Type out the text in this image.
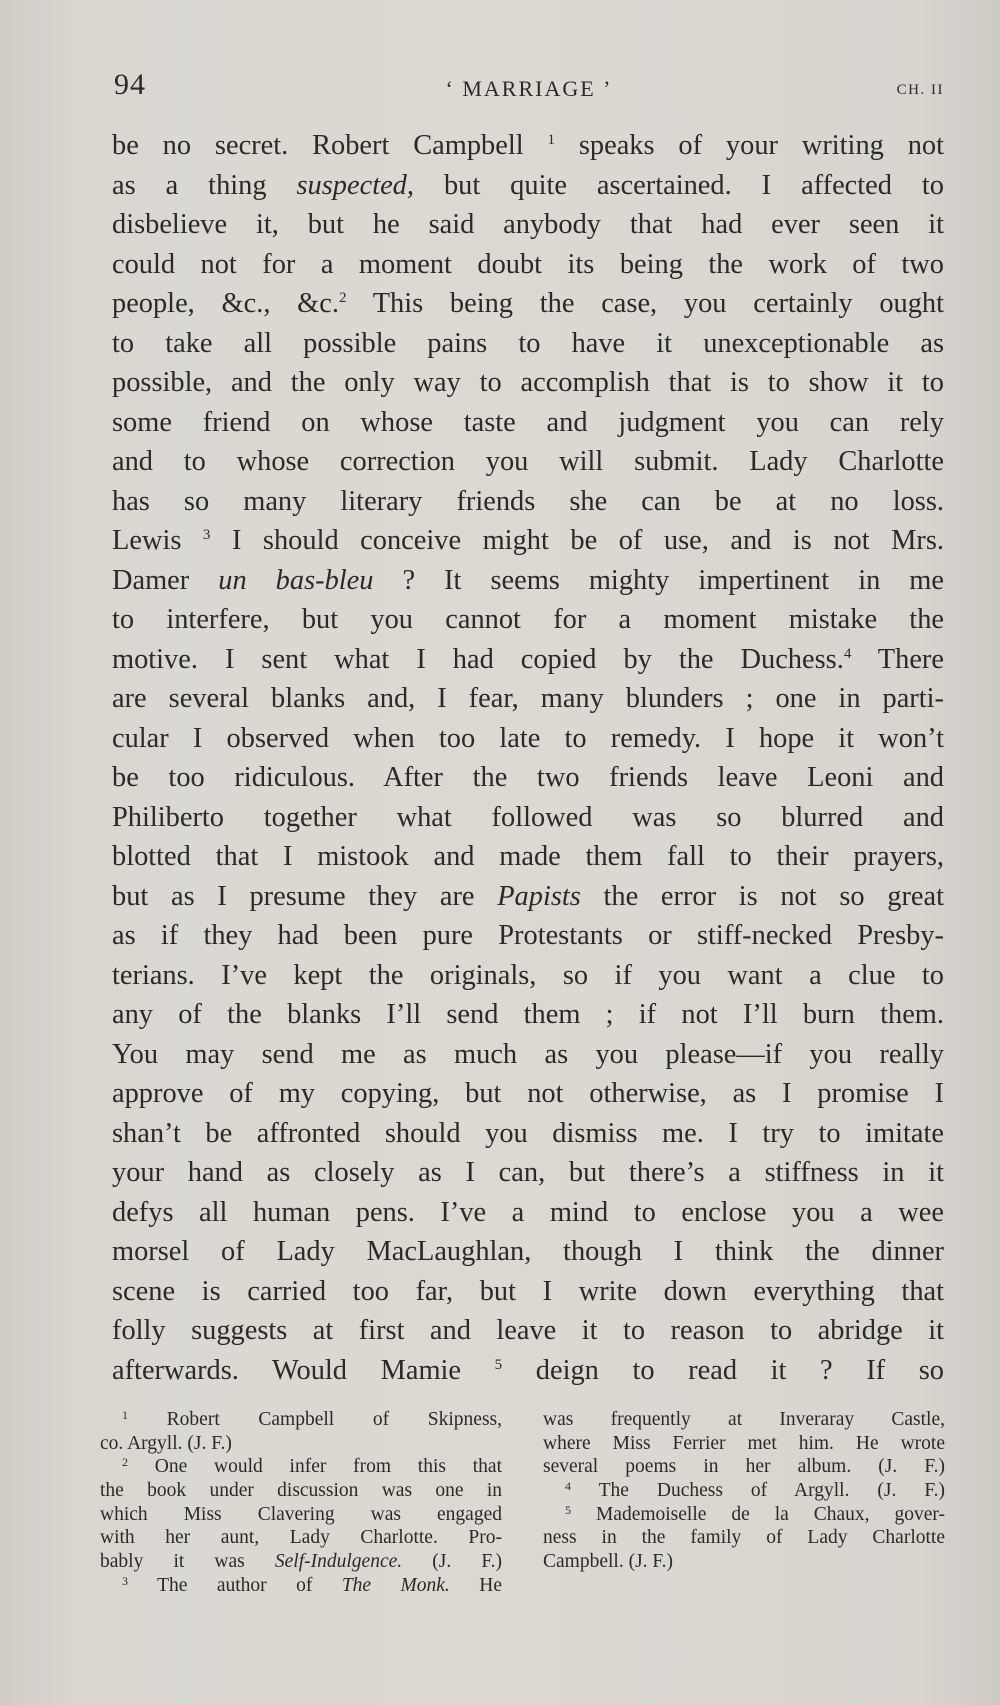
94	‘ MARRIAGE ’	CH. II
be no secret. Robert Campbell $^1$ speaks of your writing not
as a thing suspected, but quite ascertained. I affected to
disbelieve it, but he said anybody that had ever seen it
could not for a moment doubt its being the work of two
people, &c., &c.$^2$ This being the case, you certainly ought
to take all possible pains to have it unexceptionable as
possible, and the only way to accomplish that is to show it to
some friend on whose taste and judgment you can rely
and to whose correction you will submit. Lady Charlotte
has so many literary friends she can be at no loss.
Lewis $^3$ I should conceive might be of use, and is not Mrs.
Damer un bas-bleu ? It seems mighty impertinent in me
to interfere, but you cannot for a moment mistake the
motive. I sent what I had copied by the Duchess.$^4$ There
are several blanks and, I fear, many blunders ; one in parti-
cular I observed when too late to remedy. I hope it won’t
be too ridiculous. After the two friends leave Leoni and
Philiberto together what followed was so blurred and
blotted that I mistook and made them fall to their prayers,
but as I presume they are Papists the error is not so great
as if they had been pure Protestants or stiff-necked Presby-
terians. I’ve kept the originals, so if you want a clue to
any of the blanks I’ll send them ; if not I’ll burn them.
You may send me as much as you please—if you really
approve of my copying, but not otherwise, as I promise I
shan’t be affronted should you dismiss me. I try to imitate
your hand as closely as I can, but there’s a stiffness in it
defys all human pens. I’ve a mind to enclose you a wee
morsel of Lady MacLaughlan, though I think the dinner
scene is carried too far, but I write down everything that
folly suggests at first and leave it to reason to abridge it
afterwards. Would Mamie $^5$ deign to read it ? If so
$^1$ Robert Campbell of Skipness,
co. Argyll. (J. F.)
$^2$ One would infer from this that
the book under discussion was one in
which Miss Clavering was engaged
with her aunt, Lady Charlotte. Pro-
bably it was Self-Indulgence. (J. F.)
$^3$ The author of The Monk. He
was frequently at Inveraray Castle,
where Miss Ferrier met him. He wrote
several poems in her album. (J. F.)
$^4$ The Duchess of Argyll. (J. F.)
$^5$ Mademoiselle de la Chaux, gover-
ness in the family of Lady Charlotte
Campbell. (J. F.)
